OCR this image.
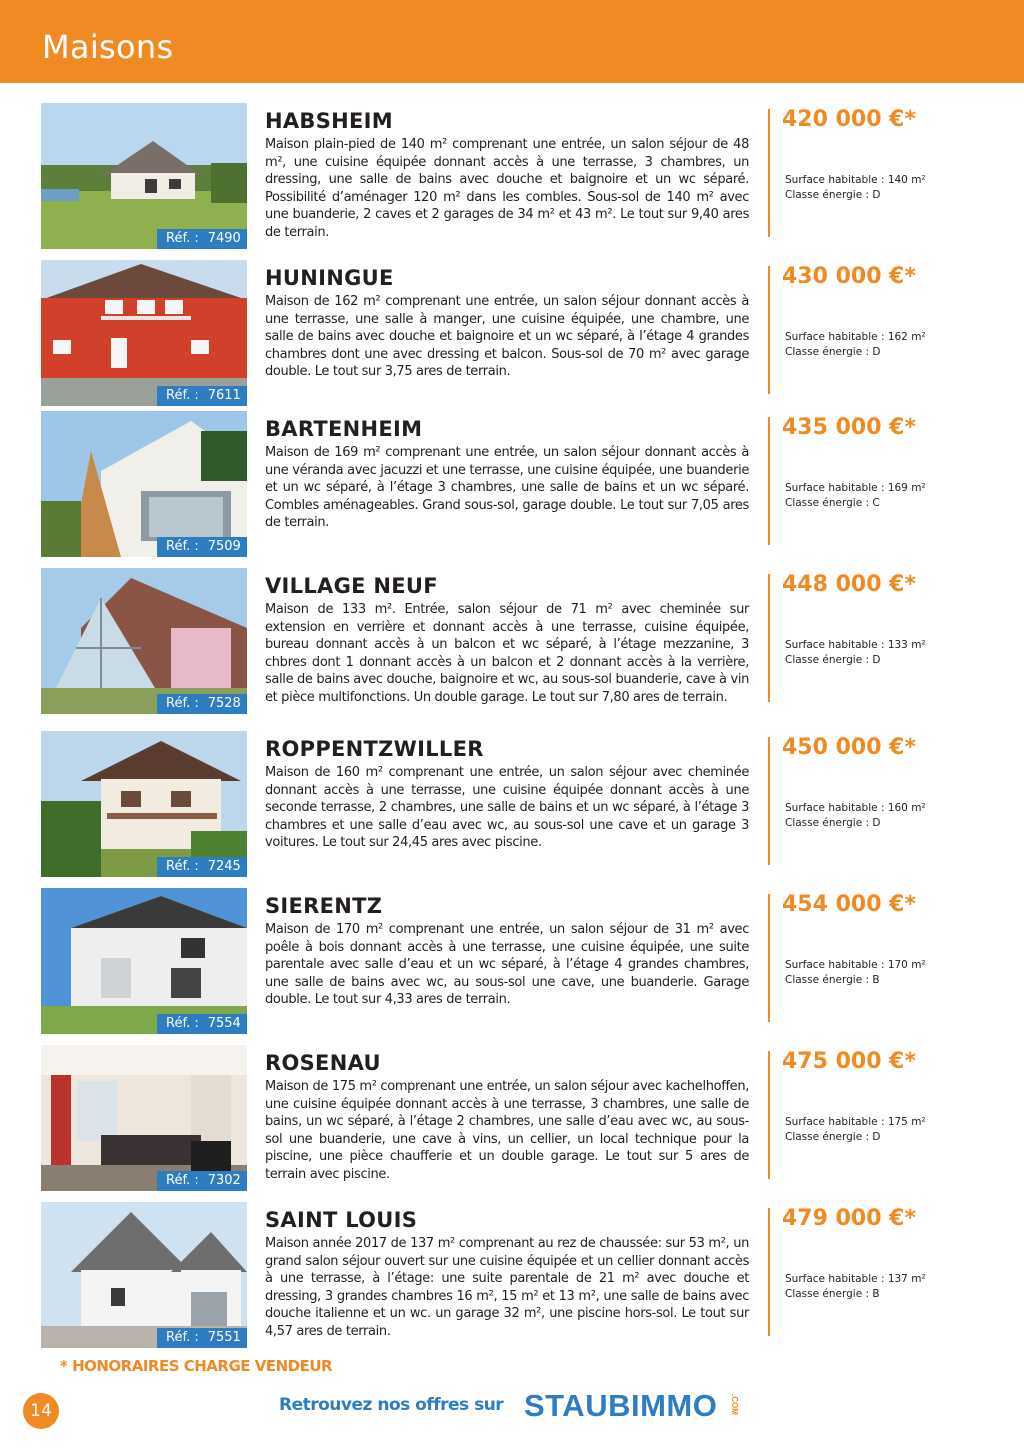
Maisons
Réf. : 7490
HABSHEIM
Maison plain-pied de 140 m² comprenant une entrée, un salon séjour de 48 m², une cuisine équipée donnant accès à une terrasse, 3 chambres, un dressing, une salle de bains avec douche et baignoire et un wc séparé. Possibilité d’aménager 120 m² dans les combles. Sous-sol de 140 m² avec une buanderie, 2 caves et 2 garages de 34 m² et 43 m². Le tout sur 9,40 ares de terrain.
420 000 €*
Surface habitable : 140 m²
Classe énergie : D
Réf. : 7611
HUNINGUE
Maison de 162 m² comprenant une entrée, un salon séjour donnant accès à une terrasse, une salle à manger, une cuisine équipée, une chambre, une salle de bains avec douche et baignoire et un wc séparé, à l’étage 4 grandes chambres dont une avec dressing et balcon. Sous-sol de 70 m² avec garage double. Le tout sur 3,75 ares de terrain.
430 000 €*
Surface habitable : 162 m²
Classe énergie : D
Réf. : 7509
BARTENHEIM
Maison de 169 m² comprenant une entrée, un salon séjour donnant accès à une véranda avec jacuzzi et une terrasse, une cuisine équipée, une buanderie et un wc séparé, à l’étage 3 chambres, une salle de bains et un wc séparé. Combles aménageables. Grand sous-sol, garage double. Le tout sur 7,05 ares de terrain.
435 000 €*
Surface habitable : 169 m²
Classe énergie : C
Réf. : 7528
VILLAGE NEUF
Maison de 133 m². Entrée, salon séjour de 71 m² avec cheminée sur extension en verrière et donnant accès à une terrasse, cuisine équipée, bureau donnant accès à un balcon et wc séparé, à l’étage mezzanine, 3 chbres dont 1 donnant accès à un balcon et 2 donnant accès à la verrière, salle de bains avec douche, baignoire et wc, au sous-sol buanderie, cave à vin et pièce multifonctions. Un double garage. Le tout sur 7,80 ares de terrain.
448 000 €*
Surface habitable : 133 m²
Classe énergie : D
Réf. : 7245
ROPPENTZWILLER
Maison de 160 m² comprenant une entrée, un salon séjour avec cheminée donnant accès à une terrasse, une cuisine équipée donnant accès à une seconde terrasse, 2 chambres, une salle de bains et un wc séparé, à l’étage 3 chambres et une salle d’eau avec wc, au sous-sol une cave et un garage 3 voitures. Le tout sur 24,45 ares avec piscine.
450 000 €*
Surface habitable : 160 m²
Classe énergie : D
Réf. : 7554
SIERENTZ
Maison de 170 m² comprenant une entrée, un salon séjour de 31 m² avec poêle à bois donnant accès à une terrasse, une cuisine équipée, une suite parentale avec salle d’eau et un wc séparé, à l’étage 4 grandes chambres, une salle de bains avec wc, au sous-sol une cave, une buanderie. Garage double. Le tout sur 4,33 ares de terrain.
454 000 €*
Surface habitable : 170 m²
Classe énergie : B
Réf. : 7302
ROSENAU
Maison de 175 m² comprenant une entrée, un salon séjour avec kachelhoffen, une cuisine équipée donnant accès à une terrasse, 3 chambres, une salle de bains, un wc séparé, à l’étage 2 chambres, une salle d’eau avec wc, au sous-sol une buanderie, une cave à vins, un cellier, un local technique pour la piscine, une pièce chaufferie et un double garage. Le tout sur 5 ares de terrain avec piscine.
475 000 €*
Surface habitable : 175 m²
Classe énergie : D
Réf. : 7551
SAINT LOUIS
Maison année 2017 de 137 m² comprenant au rez de chaussée: sur 53 m², un grand salon séjour ouvert sur une cuisine équipée et un cellier donnant accès à une terrasse, à l’étage: une suite parentale de 21 m² avec douche et dressing, 3 grandes chambres 16 m², 15 m² et 13 m², une salle de bains avec douche italienne et un wc. un garage 32 m², une piscine hors-sol. Le tout sur 4,57 ares de terrain.
479 000 €*
Surface habitable : 137 m²
Classe énergie : B
* HONORAIRES CHARGE VENDEUR
14	Retrouvez nos offres sur STAUBIMMO .COM
